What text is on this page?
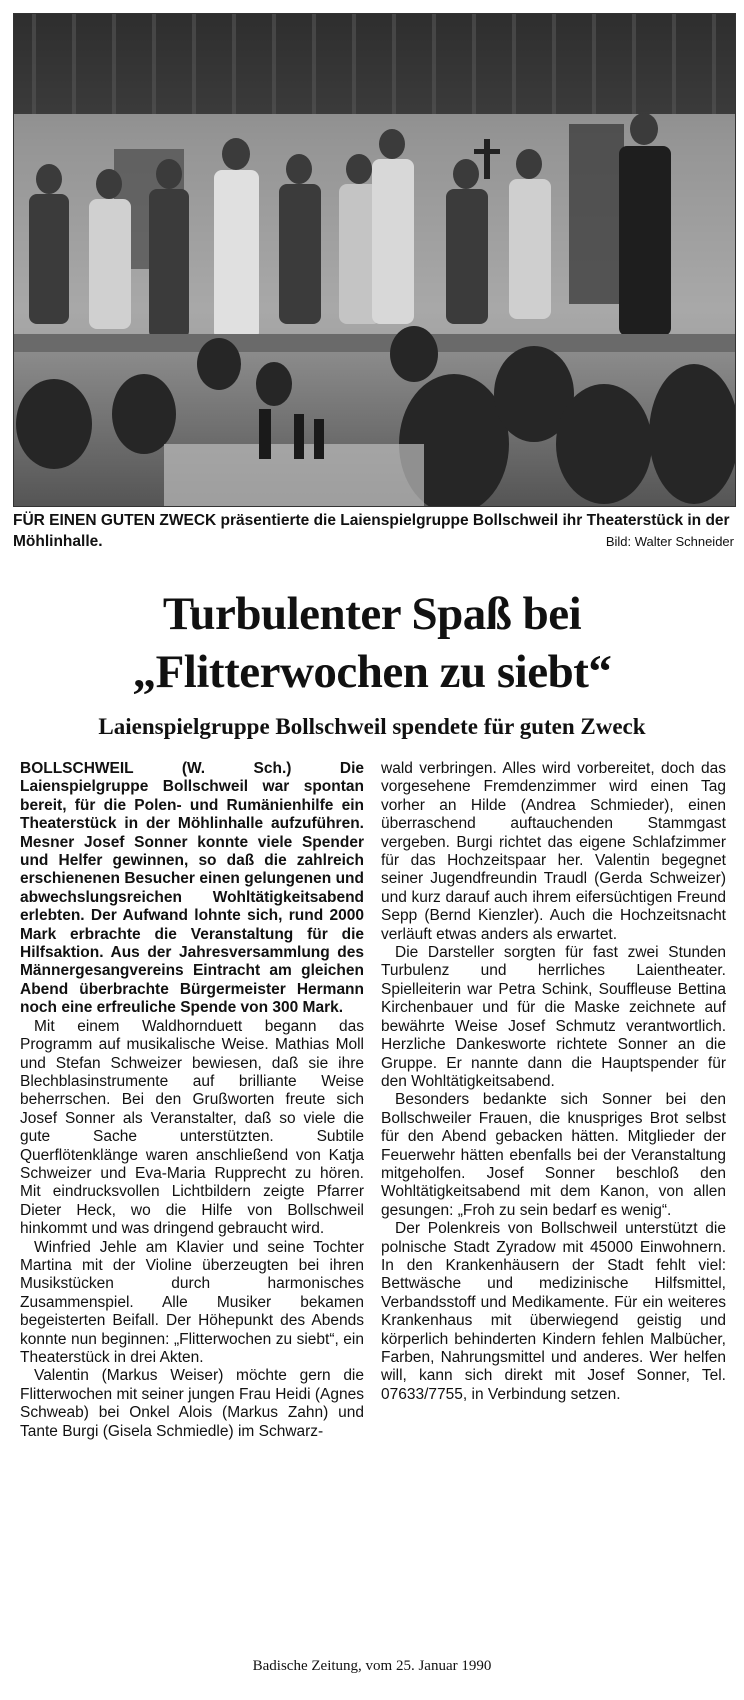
FÜR EINEN GUTEN ZWECK präsentierte die Laienspielgruppe Bollschweil ihr Theaterstück in der Möhlinhalle.	Bild: Walter Schneider
Turbulenter Spaß bei
„Flitterwochen zu siebt“
Laienspielgruppe Bollschweil spendete für guten Zweck

BOLLSCHWEIL (W. Sch.) Die Laienspielgruppe Bollschweil war spontan bereit, für die Polen- und Rumänienhilfe ein Theaterstück in der Möhlinhalle aufzuführen. Mesner Josef Sonner konnte viele Spender und Helfer gewinnen, so daß die zahlreich erschienenen Besucher einen gelungenen und abwechslungsreichen Wohltätigkeitsabend erlebten. Der Aufwand lohnte sich, rund 2000 Mark erbrachte die Veranstaltung für die Hilfsaktion. Aus der Jahresversammlung des Männergesangvereins Eintracht am gleichen Abend überbrachte Bürgermeister Hermann noch eine erfreuliche Spende von 300 Mark.

Mit einem Waldhornduett begann das Programm auf musikalische Weise. Mathias Moll und Stefan Schweizer bewiesen, daß sie ihre Blechblasinstrumente auf brilliante Weise beherrschen. Bei den Grußworten freute sich Josef Sonner als Veranstalter, daß so viele die gute Sache unterstützten. Subtile Querflötenklänge waren anschließend von Katja Schweizer und Eva-Maria Rupprecht zu hören. Mit eindrucksvollen Lichtbildern zeigte Pfarrer Dieter Heck, wo die Hilfe von Bollschweil hinkommt und was dringend gebraucht wird.

Winfried Jehle am Klavier und seine Tochter Martina mit der Violine überzeugten bei ihren Musikstücken durch harmonisches Zusammenspiel. Alle Musiker bekamen begeisterten Beifall. Der Höhepunkt des Abends konnte nun beginnen: „Flitterwochen zu siebt“, ein Theaterstück in drei Akten.

Valentin (Markus Weiser) möchte gern die Flitterwochen mit seiner jungen Frau Heidi (Agnes Schweab) bei Onkel Alois (Markus Zahn) und Tante Burgi (Gisela Schmiedle) im Schwarz-

wald verbringen. Alles wird vorbereitet, doch das vorgesehene Fremdenzimmer wird einen Tag vorher an Hilde (Andrea Schmieder), einen überraschend auftauchenden Stammgast vergeben. Burgi richtet das eigene Schlafzimmer für das Hochzeitspaar her. Valentin begegnet seiner Jugendfreundin Traudl (Gerda Schweizer) und kurz darauf auch ihrem eifersüchtigen Freund Sepp (Bernd Kienzler). Auch die Hochzeitsnacht verläuft etwas anders als erwartet.

Die Darsteller sorgten für fast zwei Stunden Turbulenz und herrliches Laientheater. Spielleiterin war Petra Schink, Souffleuse Bettina Kirchenbauer und für die Maske zeichnete auf bewährte Weise Josef Schmutz verantwortlich. Herzliche Dankesworte richtete Sonner an die Gruppe. Er nannte dann die Hauptspender für den Wohltätigkeitsabend.

Besonders bedankte sich Sonner bei den Bollschweiler Frauen, die knuspriges Brot selbst für den Abend gebacken hätten. Mitglieder der Feuerwehr hätten ebenfalls bei der Veranstaltung mitgeholfen. Josef Sonner beschloß den Wohltätigkeitsabend mit dem Kanon, von allen gesungen: „Froh zu sein bedarf es wenig“.

Der Polenkreis von Bollschweil unterstützt die polnische Stadt Zyradow mit 45000 Einwohnern. In den Krankenhäusern der Stadt fehlt viel: Bettwäsche und medizinische Hilfsmittel, Verbandsstoff und Medikamente. Für ein weiteres Krankenhaus mit überwiegend geistig und körperlich behinderten Kindern fehlen Malbücher, Farben, Nahrungsmittel und anderes. Wer helfen will, kann sich direkt mit Josef Sonner, Tel. 07633/7755, in Verbindung setzen.

Badische Zeitung, vom 25. Januar 1990
